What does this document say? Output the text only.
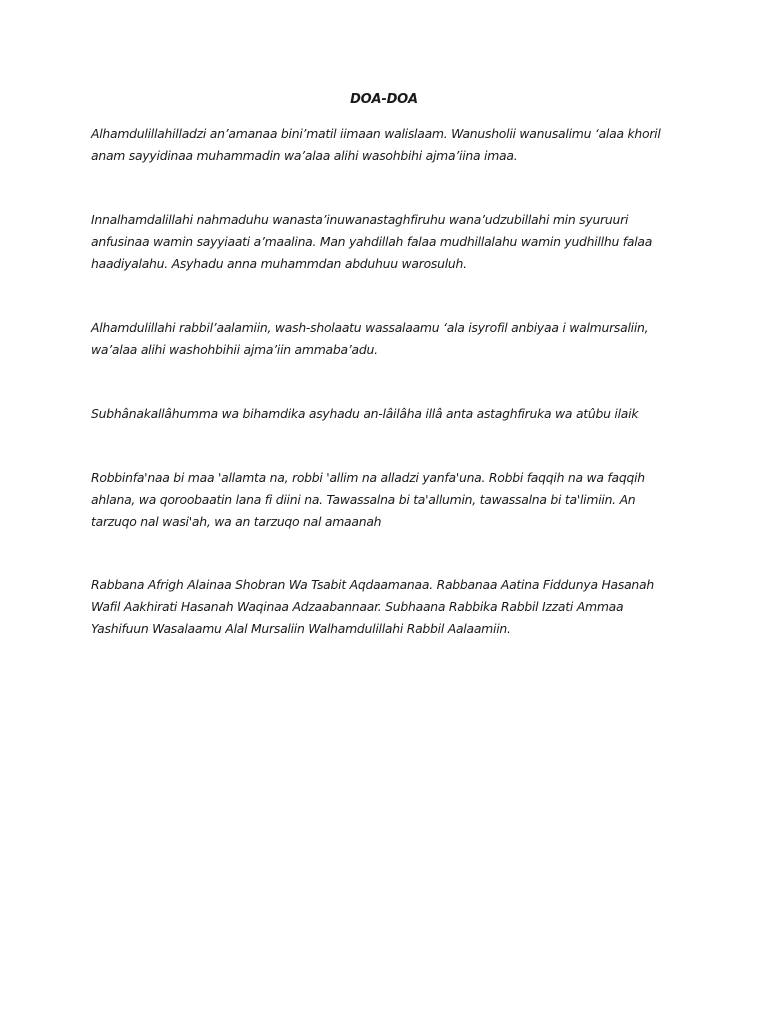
DOA-DOA

Alhamdulillahilladzi an’amanaa bini’matil iimaan walislaam. Wanusholii wanusalimu ‘alaa khoril anam sayyidinaa muhammadin wa’alaa alihi wasohbihi ajma’iina imaa.

Innalhamdalillahi nahmaduhu wanasta’inuwanastaghfiruhu wana’udzubillahi min syuruuri anfusinaa wamin sayyiaati a’maalina. Man yahdillah falaa mudhillalahu wamin yudhillhu falaa haadiyalahu. Asyhadu anna muhammdan abduhuu warosuluh.

Alhamdulillahi rabbil’aalamiin, wash-sholaatu wassalaamu ‘ala isyrofil anbiyaa i walmursaliin, wa’alaa alihi washohbihii ajma’iin ammaba’adu.

Subhânakallâhumma wa bihamdika asyhadu an-lâilâha illâ anta astaghfiruka wa atûbu ilaik

Robbinfa'naa bi maa 'allamta na, robbi 'allim na alladzi yanfa'una. Robbi faqqih na wa faqqih ahlana, wa qoroobaatin lana fi diini na. Tawassalna bi ta'allumin, tawassalna bi ta'limiin. An tarzuqo nal wasi'ah, wa an tarzuqo nal amaanah

Rabbana Afrigh Alainaa Shobran Wa Tsabit Aqdaamanaa. Rabbanaa Aatina Fiddunya Hasanah Wafil Aakhirati Hasanah Waqinaa Adzaabannaar. Subhaana Rabbika Rabbil Izzati Ammaa Yashifuun Wasalaamu Alal Mursaliin Walhamdulillahi Rabbil Aalaamiin.
